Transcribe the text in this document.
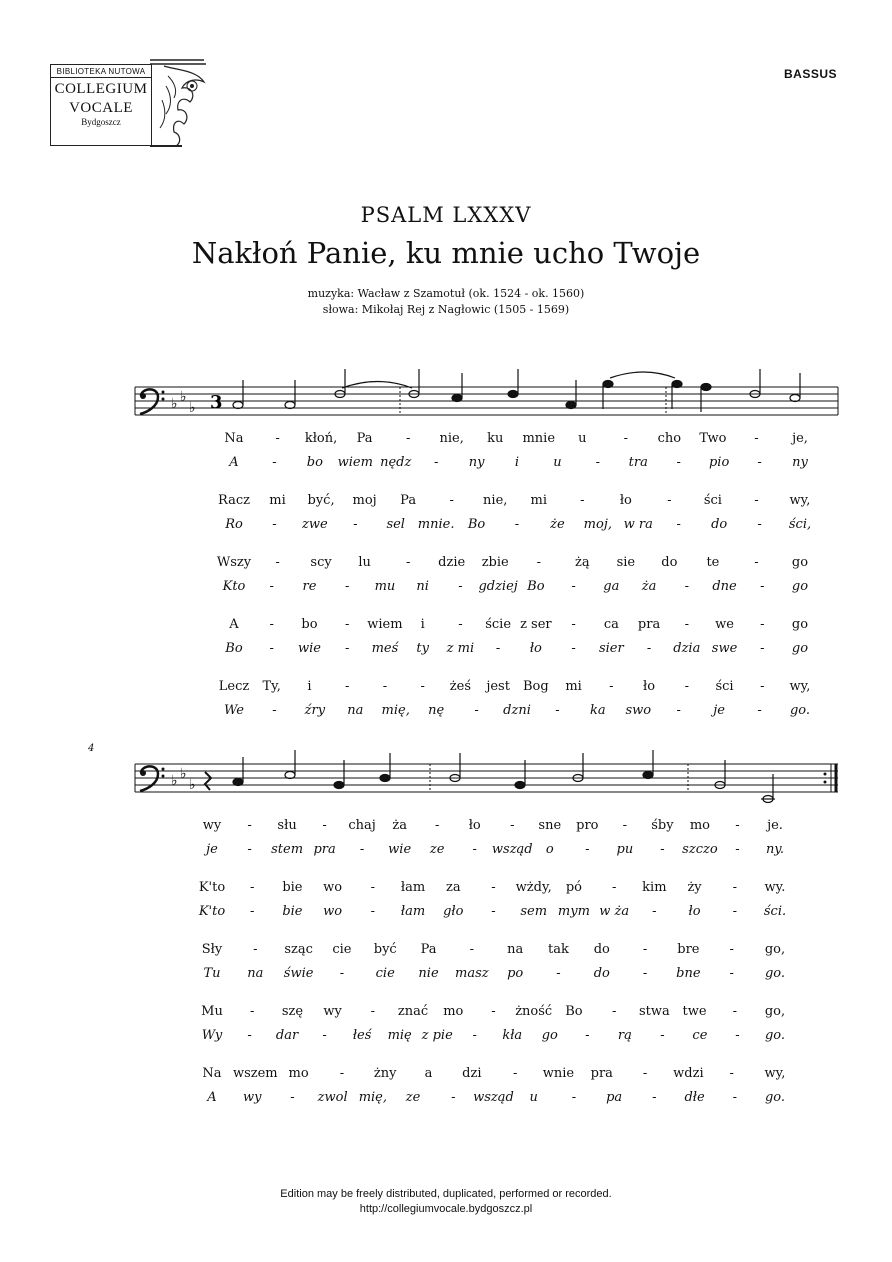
BIBLIOTEKA NUTOWA
COLLEGIUM
VOCALE
Bydgoszcz
BASSUS
PSALM LXXXV
Nakłoń Panie, ku mnie ucho Twoje
muzyka: Wacław z Szamotuł (ok. 1524 - ok. 1560)
słowa: Mikołaj Rej z Nagłowic (1505 - 1569)
♭ ♭
♭ 3
♭ ♭
♭
4
Na - kłoń, Pa	- nie, ku mnie u	- cho Two -	je,
A	- bo wiem nędz - ny i	u	- tra - pio - ny
Racz mi być, moj Pa	- nie, mi	-	ło	- ści - wy,
Ro - zwe - sel mnie. Bo - że moj, w ra - do - ści,
Wszy - scy lu	- dzie zbie -	żą sie do te	-	go
Kto - re - mu ni - gdziej Bo - ga ża - dne - go
A - bo - wiem i	- ście z ser - ca pra - we - go
Bo - wie - meś ty z mi - ło - sier - dzia swe - go
Lecz Ty, i	-	-	- żeś jest Bog mi - ło - ści - wy,
We - źry na mię, nę - dzni - ka swo - je - go.
wy - słu - chaj ża - ło - sne pro - śby mo - je.
je - stem pra - wie ze - wsząd o - pu - szczo - ny.
K'to - bie wo - łam za - wżdy, pó - kim ży - wy.
K'to - bie wo - łam gło - sem mym w ża - ło - ści.
Sły - sząc cie być Pa	-	na tak do	- bre - go,
Tu na świe - cie nie masz po	-	do	- bne - go.
Mu - szę wy - znać mo - żność Bo - stwa twe - go,
Wy - dar - łeś mię z pie - kła go - rą - ce - go.
Na wszem mo - żny a dzi - wnie pra - wdzi - wy,
A wy - zwol mię, ze - wsząd u	- pa - dłe - go.
Edition may be freely distributed, duplicated, performed or recorded.
http://collegiumvocale.bydgoszcz.pl
